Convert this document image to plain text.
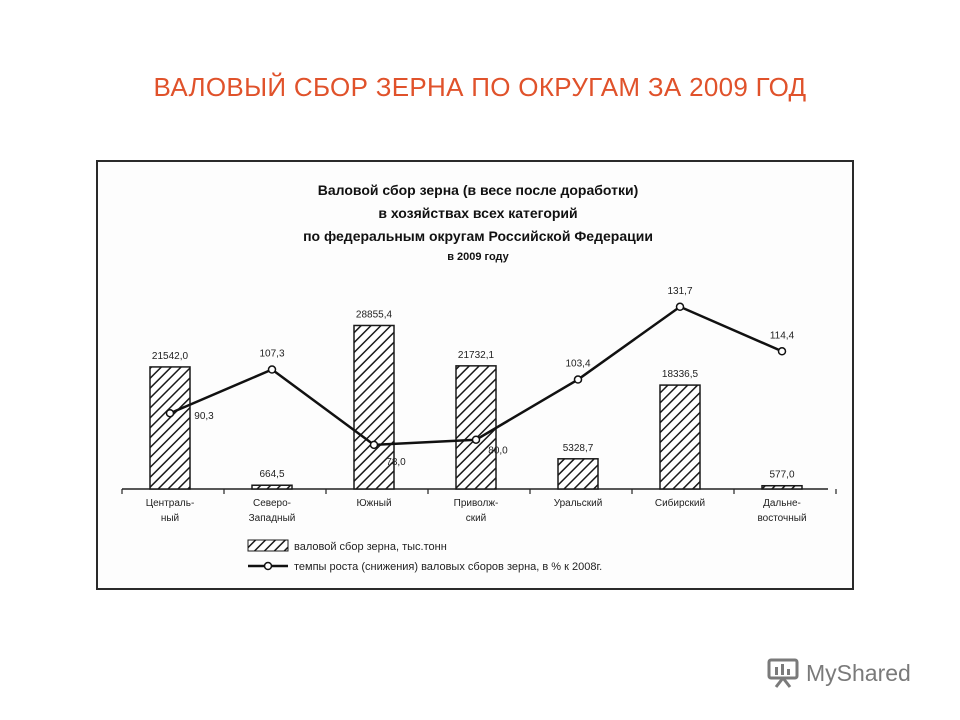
ВАЛОВЫЙ СБОР ЗЕРНА ПО ОКРУГАМ ЗА 2009 ГОД
Валовой сбор зерна (в весе после доработки)
в хозяйствах всех категорий
по федеральным округам Российской Федерации
в 2009 году
21542,0
664,5
28855,4
21732,1
5328,7
18336,5
577,0
Централь-
ный
Северо-
Западный
Южный	Приволж-
ский
Уральский	Сибирский	Дальне-
восточный
90,3
107,3
78,0
80,0
103,4
131,7
114,4
валовой сбор зерна, тыс.тонн
темпы роста (снижения) валовых сборов зерна, в % к 2008г.
MyShared
